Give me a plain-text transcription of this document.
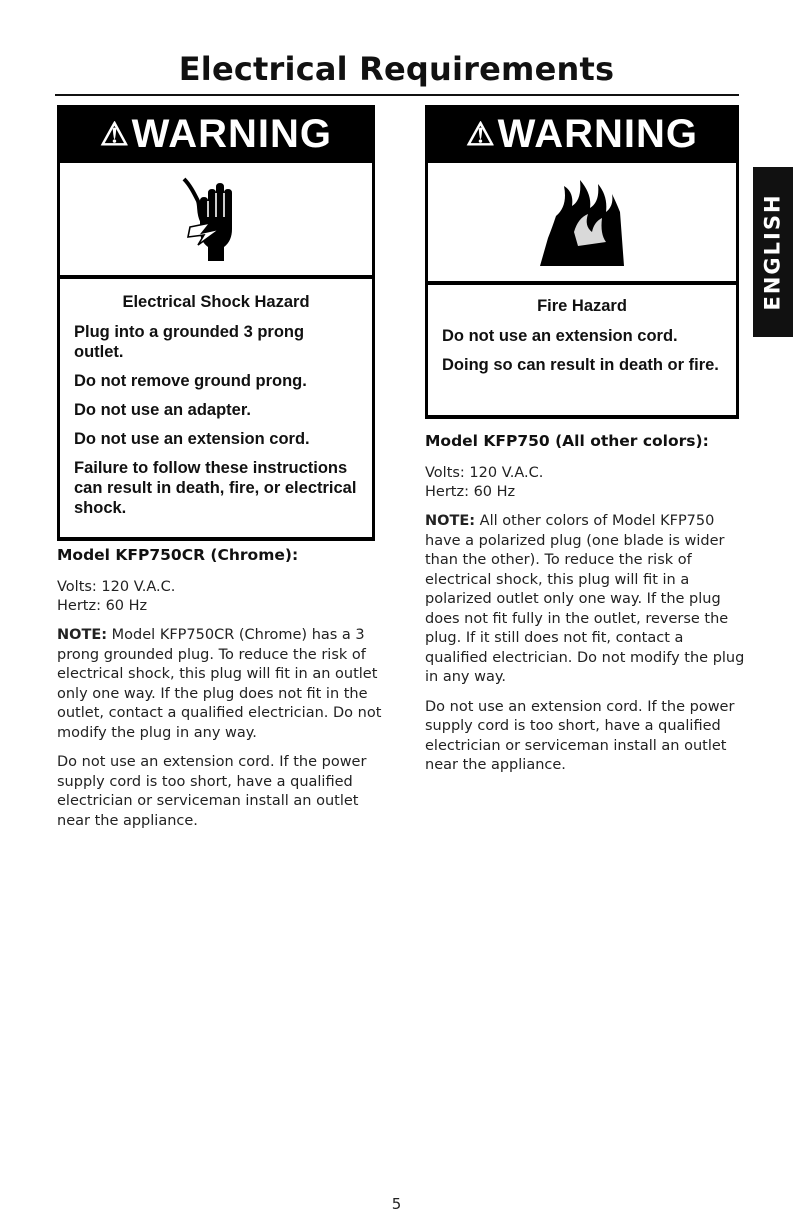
Electrical Requirements
ENGLISH
⚠WARNING
Electrical Shock Hazard
Plug into a grounded 3 prong outlet.
Do not remove ground prong.
Do not use an adapter.
Do not use an extension cord.
Failure to follow these instructions can result in death, fire, or electrical shock.
⚠WARNING
Fire Hazard
Do not use an extension cord.
Doing so can result in death or fire.
Model KFP750CR (Chrome):
Volts: 120 V.A.C.
Hertz: 60 Hz
NOTE: Model KFP750CR (Chrome) has a 3 prong grounded plug. To reduce the risk of electrical shock, this plug will fit in an outlet only one way. If the plug does not fit in the outlet, contact a qualified electrician. Do not modify the plug in any way.
Do not use an extension cord. If the power supply cord is too short, have a qualified electrician or serviceman install an outlet near the appliance.
Model KFP750 (All other colors):
Volts: 120 V.A.C.
Hertz: 60 Hz
NOTE: All other colors of Model KFP750 have a polarized plug (one blade is wider than the other). To reduce the risk of electrical shock, this plug will fit in a polarized outlet only one way. If the plug does not fit fully in the outlet, reverse the plug. If it still does not fit, contact a qualified electrician. Do not modify the plug in any way.
Do not use an extension cord. If the power supply cord is too short, have a qualified electrician or serviceman install an outlet near the appliance.
5
